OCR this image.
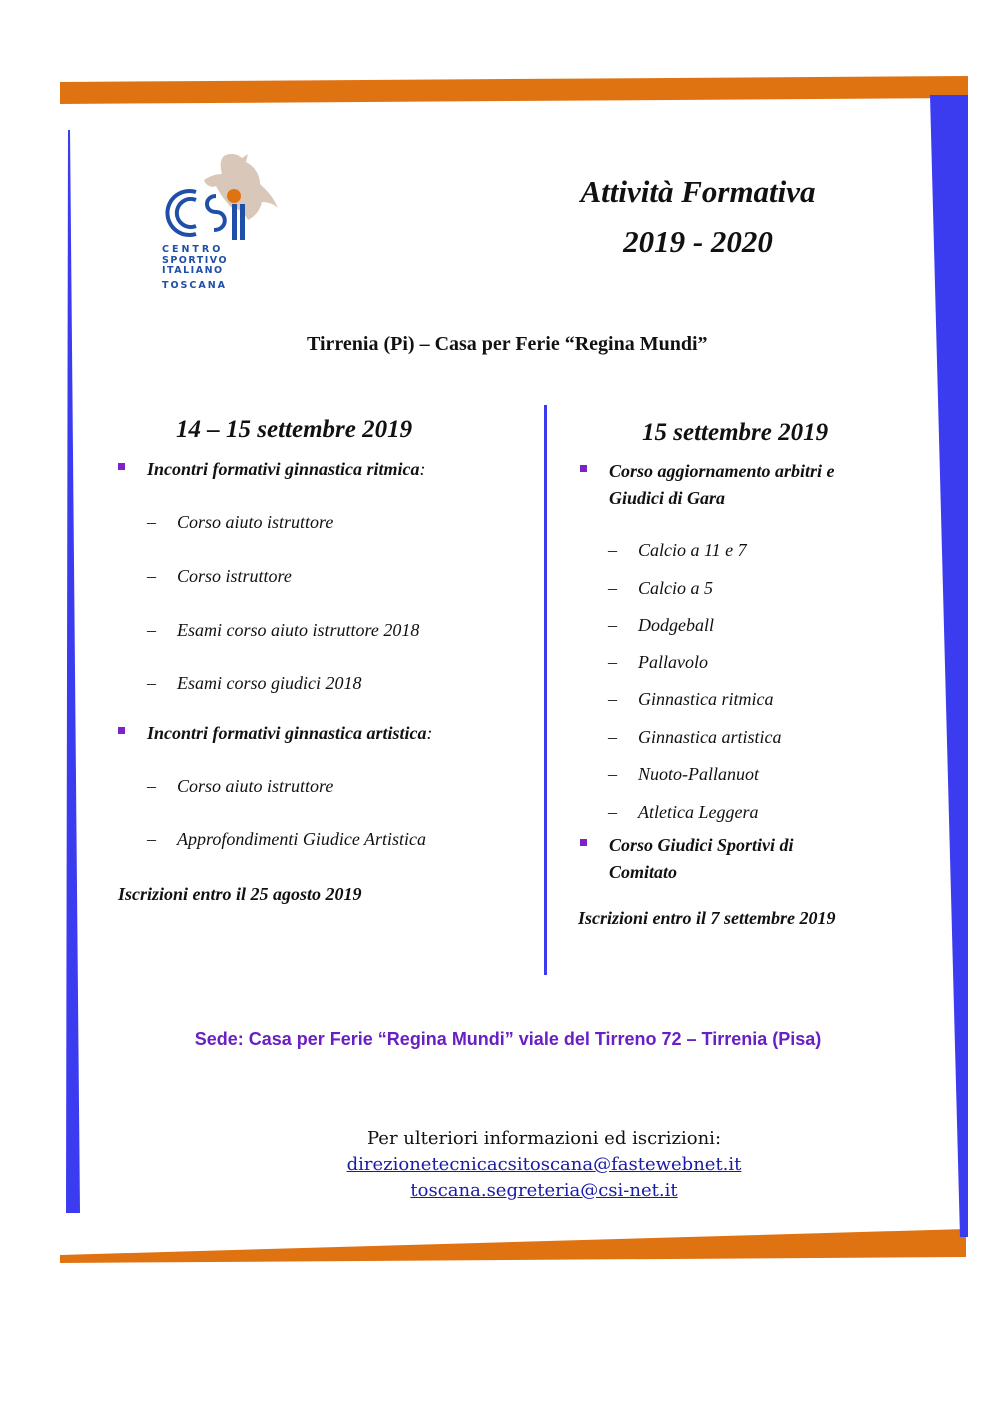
CENTRO
SPORTIVO
ITALIANO
TOSCANA
Attività Formativa
2019 - 2020
Tirrenia (Pi) – Casa per Ferie “Regina Mundi”
14 – 15 settembre 2019
Incontri formativi ginnastica ritmica:
–	Corso aiuto istruttore
–	Corso istruttore
–	Esami corso aiuto istruttore 2018
–	Esami corso giudici 2018
Incontri formativi ginnastica artistica:
–	Corso aiuto istruttore
–	Approfondimenti Giudice Artistica
Iscrizioni entro il 25 agosto 2019
15 settembre 2019
Corso aggiornamento arbitri e
Giudici di Gara
–	Calcio a 11 e 7
–	Calcio a 5
–	Dodgeball
–	Pallavolo
–	Ginnastica ritmica
–	Ginnastica artistica
–	Nuoto-Pallanuot
–	Atletica Leggera
Corso Giudici Sportivi di
Comitato
Iscrizioni entro il 7 settembre 2019
Sede: Casa per Ferie “Regina Mundi” viale del Tirreno 72 – Tirrenia (Pisa)
Per ulteriori informazioni ed iscrizioni:
direzionetecnicacsitoscana@fastewebnet.it
toscana.segreteria@csi-net.it
